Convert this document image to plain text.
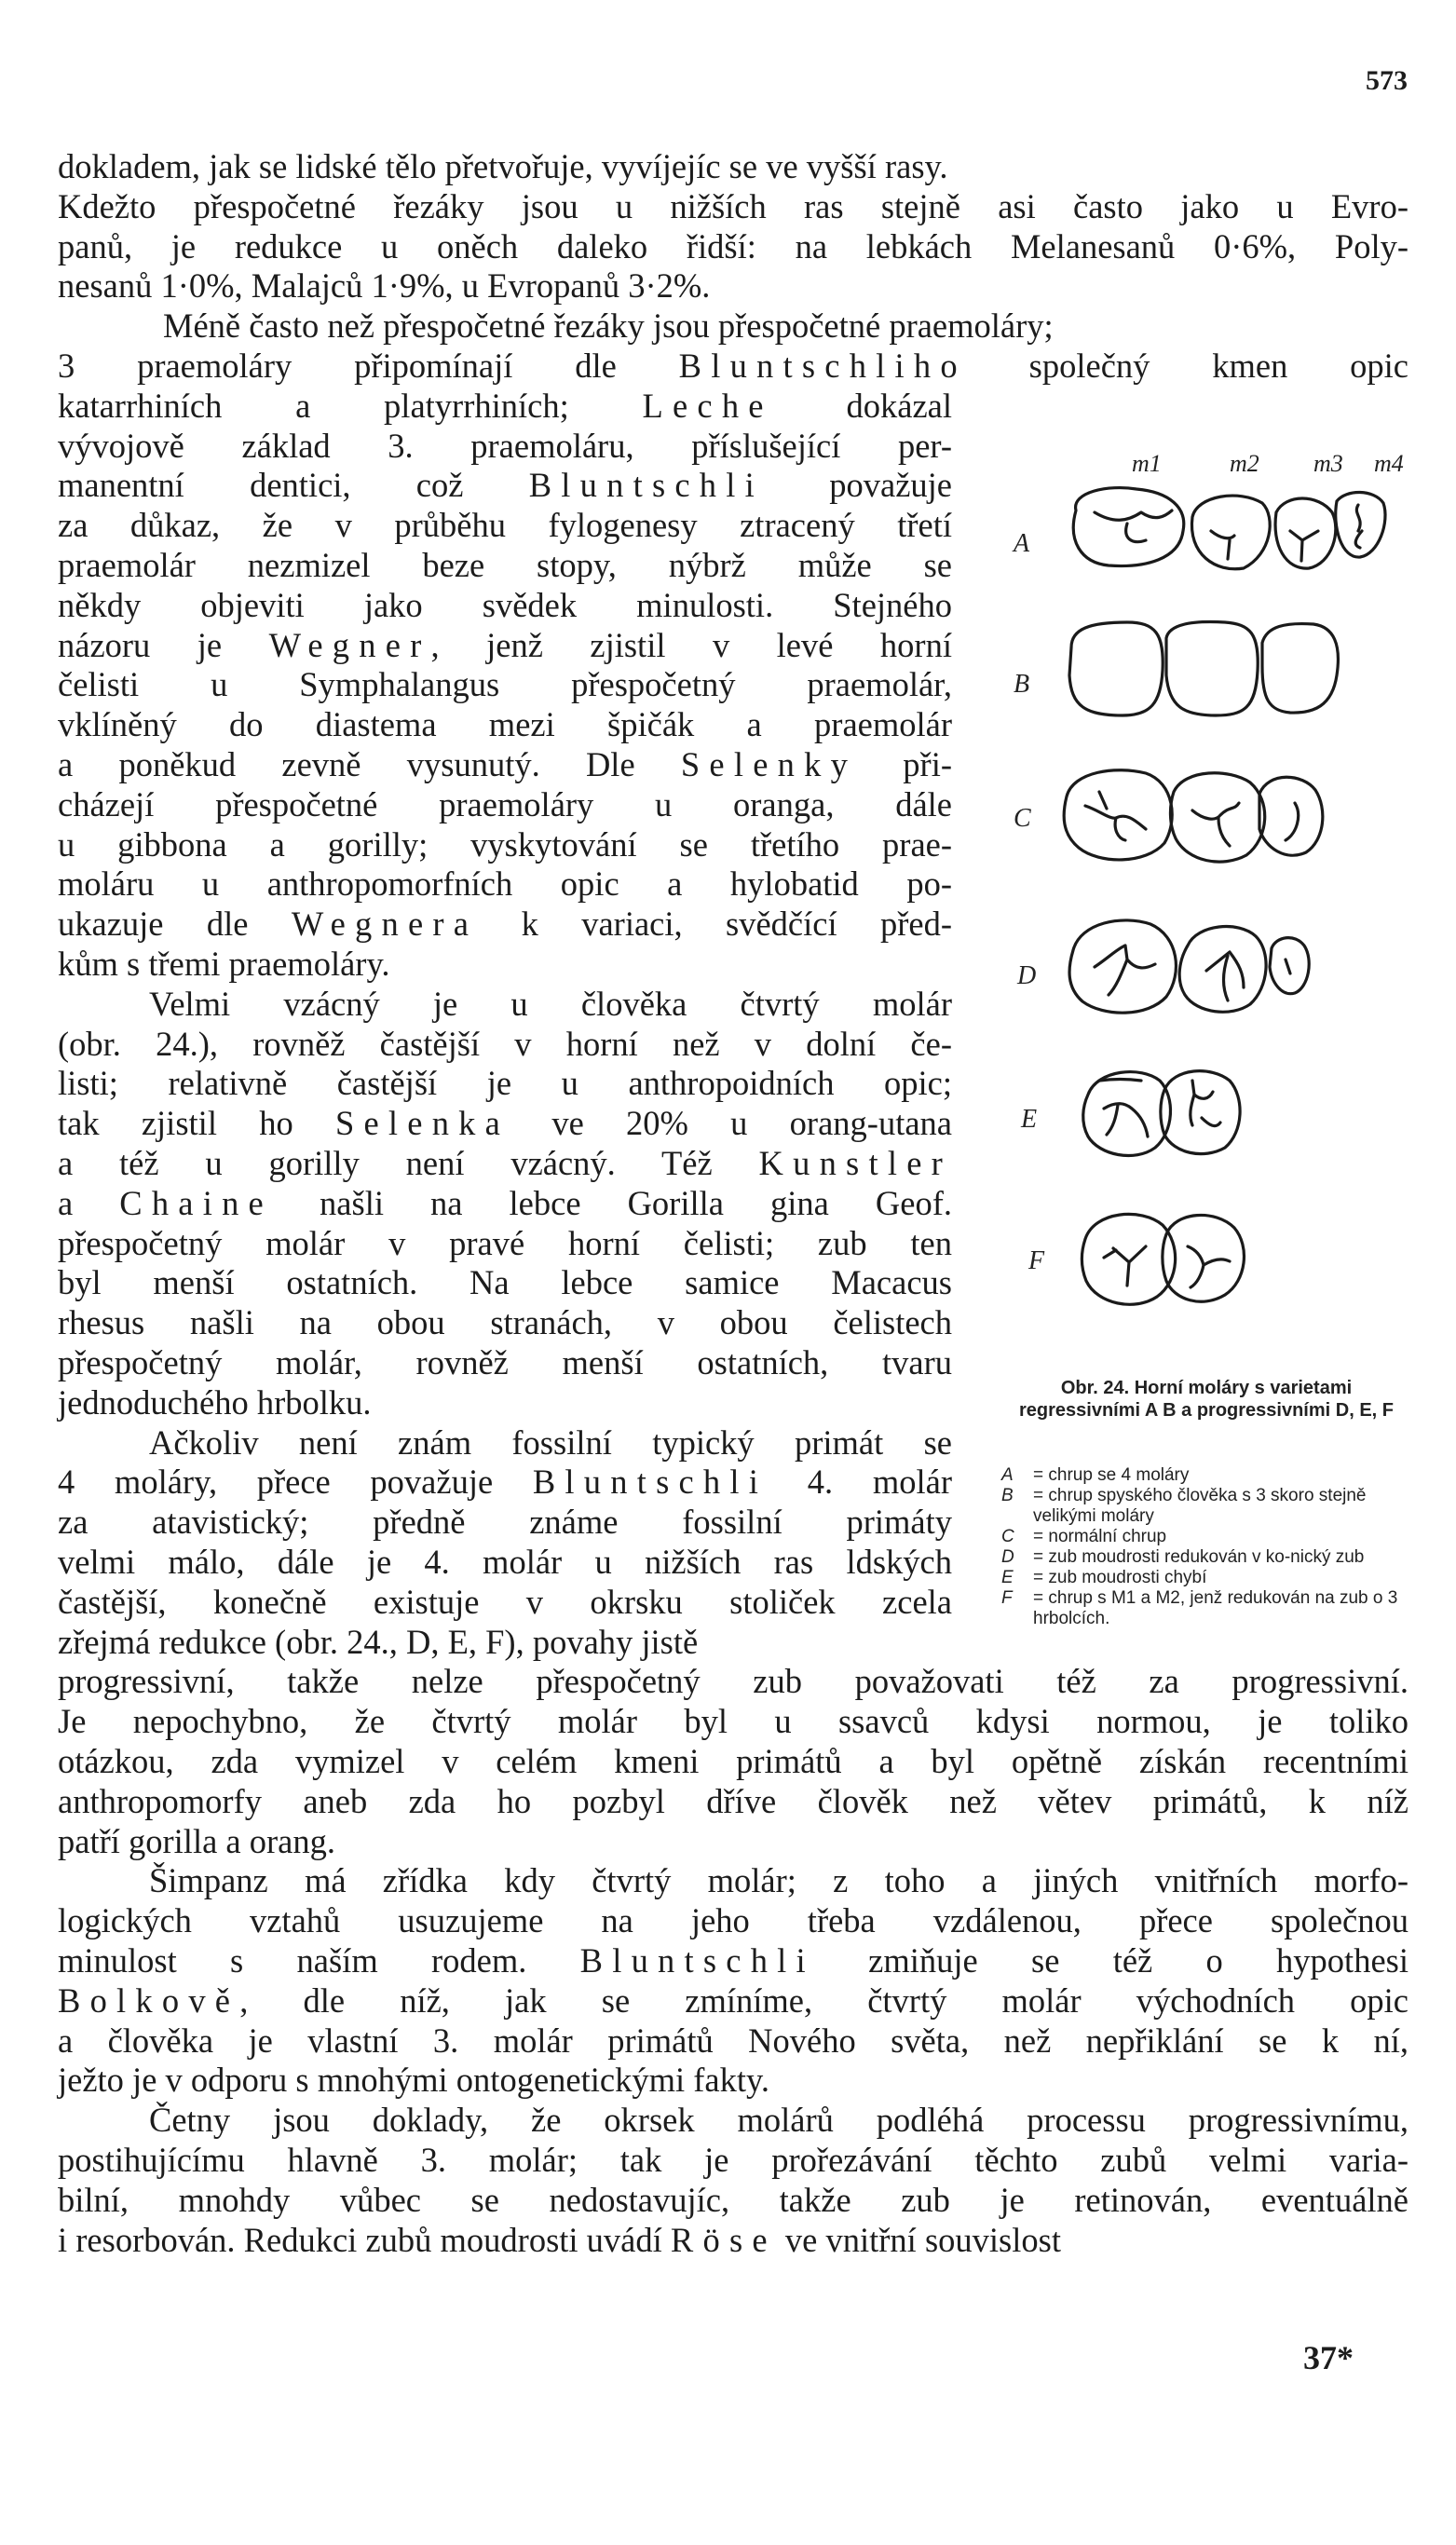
573
dokladem, jak se lidské tělo přetvořuje, vyvíjejíc se ve vyšší rasy.
Kdežto přespočetné řezáky jsou u nižších ras stejně asi často jako u Evro-
panů, je redukce u oněch daleko řidší: na lebkách Melanesanů 0·6%, Poly-
nesanů 1·0%, Malajců 1·9%, u Evropanů 3·2%.
Méně často než přespočetné řezáky jsou přespočetné praemoláry;
3 praemoláry připomínají dle Bluntschliho společný kmen opic
katarrhiních a platyrrhiních; Leche dokázal
vývojově základ 3. praemoláru, příslušející per-
manentní dentici, což Bluntschli považuje
za důkaz, že v průběhu fylogenesy ztracený třetí
praemolár nezmizel beze stopy, nýbrž může se
někdy objeviti jako svědek minulosti. Stejného
názoru je Wegner, jenž zjistil v levé horní
čelisti u Symphalangus přespočetný praemolár,
vklíněný do diastema mezi špičák a praemolár
a poněkud zevně vysunutý. Dle Selenky při-
cházejí přespočetné praemoláry u oranga, dále
u gibbona a gorilly; vyskytování se třetího prae-
moláru u anthropomorfních opic a hylobatid po-
ukazuje dle Wegnera k variaci, svědčící před-
kům s třemi praemoláry.
Velmi vzácný je u člověka čtvrtý molár
(obr. 24.), rovněž častější v horní než v dolní če-
listi; relativně častější je u anthropoidních opic;
tak zjistil ho Selenka ve 20% u orang-utana
a též u gorilly není vzácný. Též Kunstler
a Chaine našli na lebce Gorilla gina Geof.
přespočetný molár v pravé horní čelisti; zub ten
byl menší ostatních. Na lebce samice Macacus
rhesus našli na obou stranách, v obou čelistech
přespočetný molár, rovněž menší ostatních, tvaru
jednoduchého hrbolku.
Ačkoliv není znám fossilní typický primát se
4 moláry, přece považuje Bluntschli 4. molár
za atavistický; předně známe fossilní primáty
velmi málo, dále je 4. molár u nižších ras ldských
častější, konečně existuje v okrsku stoliček zcela
zřejmá redukce (obr. 24., D, E, F), povahy jistě
progressivní, takže nelze přespočetný zub považovati též za progressivní.
Je nepochybno, že čtvrtý molár byl u ssavců kdysi normou, je toliko
otázkou, zda vymizel v celém kmeni primátů a byl opětně získán recentními
anthropomorfy aneb zda ho pozbyl dříve člověk než větev primátů, k níž
patří gorilla a orang.
Šimpanz má zřídka kdy čtvrtý molár; z toho a jiných vnitřních morfo-
logických vztahů usuzujeme na jeho třeba vzdálenou, přece společnou
minulost s naším rodem. Bluntschli zmiňuje se též o hypothesi
Bolkově, dle níž, jak se zmíníme, čtvrtý molár východních opic
a člověka je vlastní 3. molár primátů Nového světa, než nepřiklání se k ní,
ježto je v odporu s mnohými ontogenetickými fakty.
Četny jsou doklady, že okrsek molárů podléhá processu progressivnímu,
postihujícímu hlavně 3. molár; tak je prořezávání těchto zubů velmi varia-
bilní, mnohdy vůbec se nedostavujíc, takže zub je retinován, eventuálně
i resorbován. Redukci zubů moudrosti uvádí Röse ve vnitřní souvislost
m1	m2 m3 m4
A
B
C
D
E
F
Obr. 24. Horní moláry s varietami regressivními A B a progressivními D, E, F
A	= chrup se 4 moláry
B	= chrup spyského člověka s 3 skoro stejně velikými moláry
C	= normální chrup
D	= zub moudrosti redukován v ko-nický zub
E	= zub moudrosti chybí
F	= chrup s M1 a M2, jenž redukován na zub o 3 hrbolcích.
37*
